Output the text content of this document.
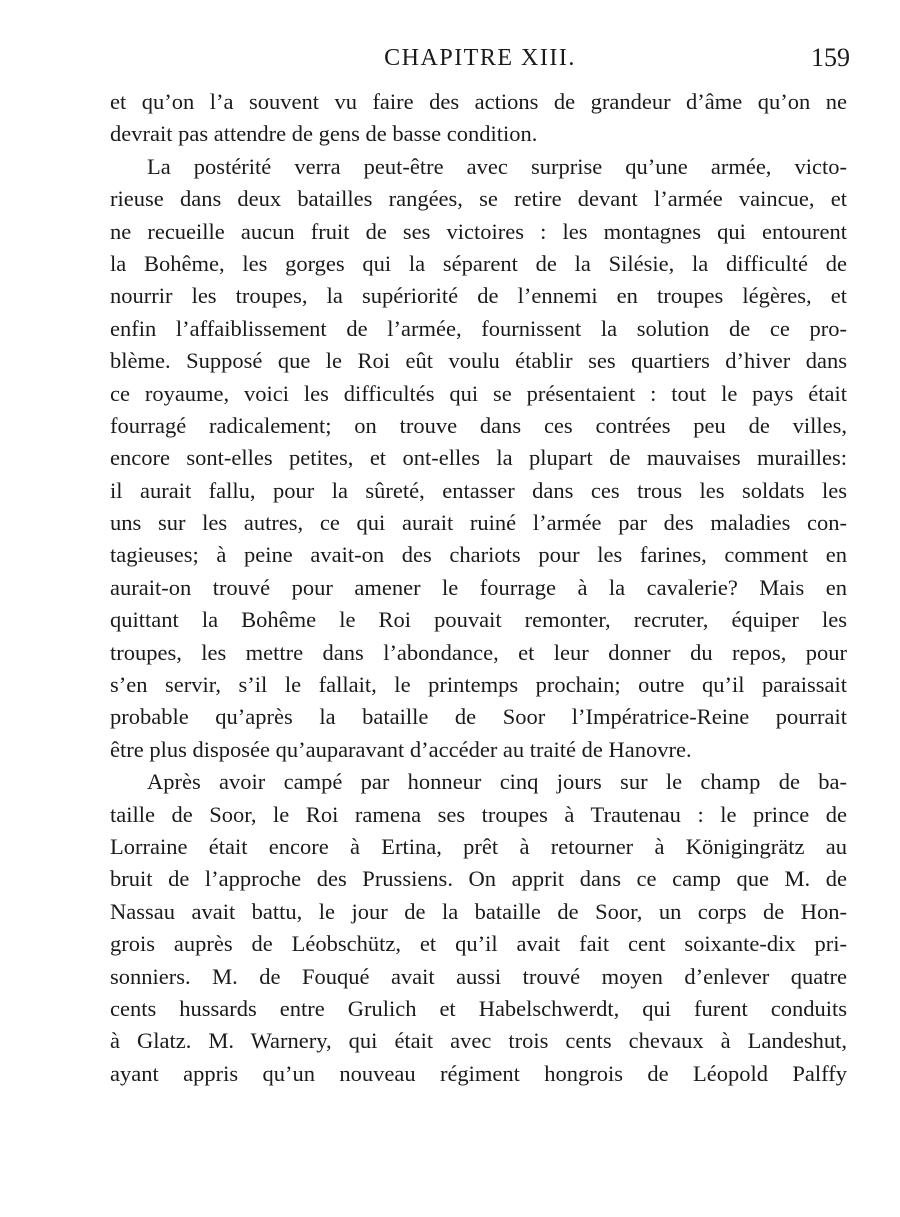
CHAPITRE XIII.	159
et qu’on l’a souvent vu faire des actions de grandeur d’âme qu’on ne
devrait pas attendre de gens de basse condition.
La postérité verra peut-être avec surprise qu’une armée, victo-
rieuse dans deux batailles rangées, se retire devant l’armée vaincue, et
ne recueille aucun fruit de ses victoires : les montagnes qui entourent
la Bohême, les gorges qui la séparent de la Silésie, la difficulté de
nourrir les troupes, la supériorité de l’ennemi en troupes légères, et
enfin l’affaiblissement de l’armée, fournissent la solution de ce pro-
blème. Supposé que le Roi eût voulu établir ses quartiers d’hiver dans
ce royaume, voici les difficultés qui se présentaient : tout le pays était
fourragé radicalement; on trouve dans ces contrées peu de villes,
encore sont-elles petites, et ont-elles la plupart de mauvaises murailles:
il aurait fallu, pour la sûreté, entasser dans ces trous les soldats les
uns sur les autres, ce qui aurait ruiné l’armée par des maladies con-
tagieuses; à peine avait-on des chariots pour les farines, comment en
aurait-on trouvé pour amener le fourrage à la cavalerie? Mais en
quittant la Bohême le Roi pouvait remonter, recruter, équiper les
troupes, les mettre dans l’abondance, et leur donner du repos, pour
s’en servir, s’il le fallait, le printemps prochain; outre qu’il paraissait
probable qu’après la bataille de Soor l’Impératrice-Reine pourrait
être plus disposée qu’auparavant d’accéder au traité de Hanovre.
Après avoir campé par honneur cinq jours sur le champ de ba-
taille de Soor, le Roi ramena ses troupes à Trautenau : le prince de
Lorraine était encore à Ertina, prêt à retourner à Königingrätz au
bruit de l’approche des Prussiens. On apprit dans ce camp que M. de
Nassau avait battu, le jour de la bataille de Soor, un corps de Hon-
grois auprès de Léobschütz, et qu’il avait fait cent soixante-dix pri-
sonniers. M. de Fouqué avait aussi trouvé moyen d’enlever quatre
cents hussards entre Grulich et Habelschwerdt, qui furent conduits
à Glatz. M. Warnery, qui était avec trois cents chevaux à Landeshut,
ayant appris qu’un nouveau régiment hongrois de Léopold Palffy
